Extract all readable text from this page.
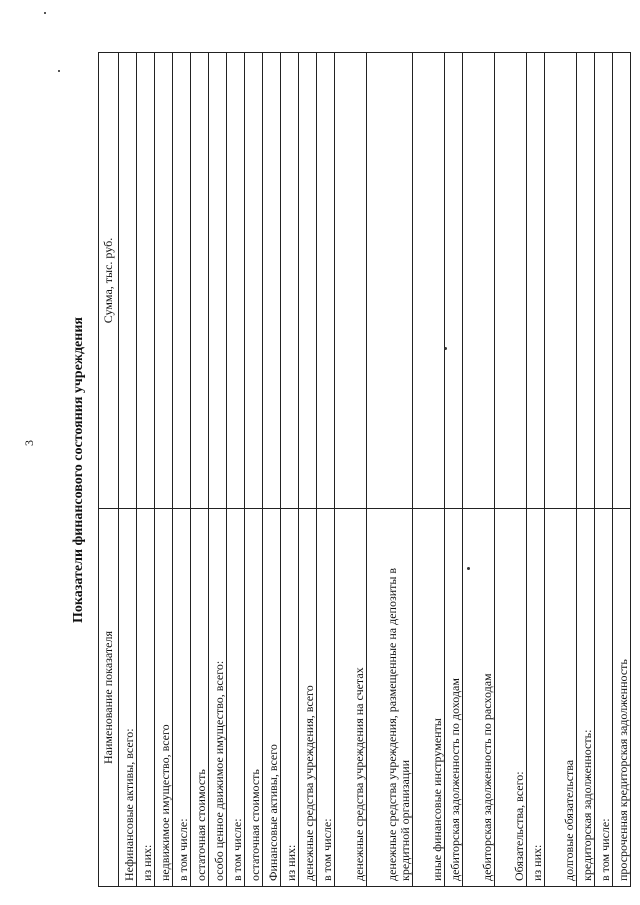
3	Показатели финансового состояния учреждения
Наименование показателя	Сумма, тыс. руб.
Нефинансовые активы, всего:	
из них:	
недвижимое имущество, всего	
в том числе:	
остаточная стоимость	
особо ценное движимое имущество, всего:	
в том числе:	
остаточная стоимость	
Финансовые активы, всего	
из них:	
денежные средства учреждения, всего	
в том числе:	
денежные средства учреждения на счетах	
денежные средства учреждения, размещенные на депозиты в кредитной организации	
иные финансовые инструменты	
дебиторская задолженность по доходам	
дебиторская задолженность по расходам	
Обязательства, всего:	
из них:	
долговые обязательства	
кредиторская задолженность:	
в том числе:	
просроченная кредиторская задолженность	
